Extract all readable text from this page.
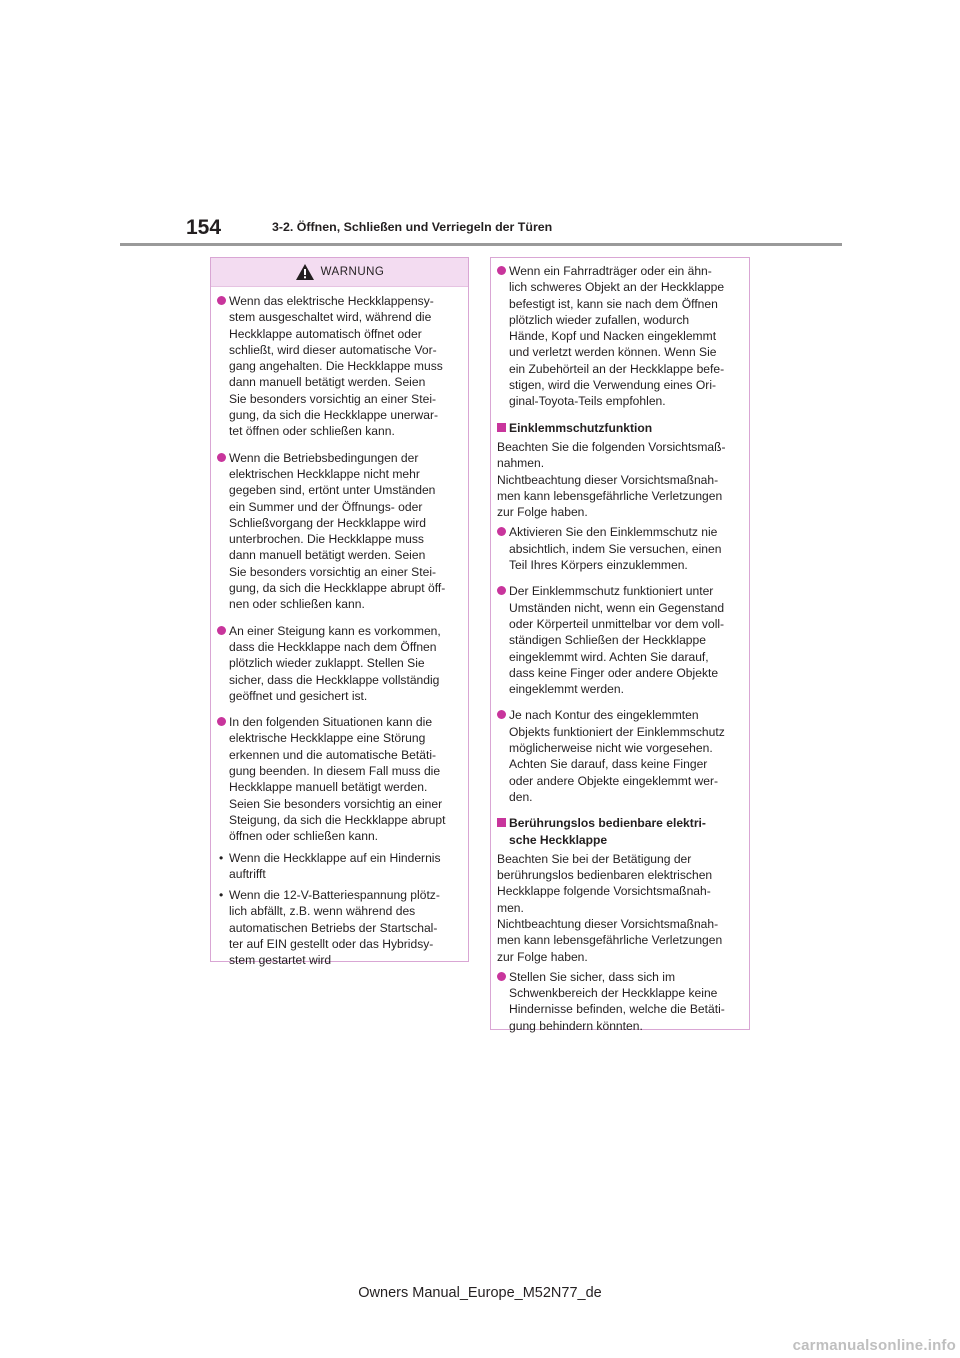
154	3-2. Öffnen, Schließen und Verriegeln der Türen
WARNUNG
Wenn das elektrische Heckklappensy-
stem ausgeschaltet wird, während die
Heckklappe automatisch öffnet oder
schließt, wird dieser automatische Vor-
gang angehalten. Die Heckklappe muss
dann manuell betätigt werden. Seien
Sie besonders vorsichtig an einer Stei-
gung, da sich die Heckklappe unerwar-
tet öffnen oder schließen kann.
Wenn die Betriebsbedingungen der
elektrischen Heckklappe nicht mehr
gegeben sind, ertönt unter Umständen
ein Summer und der Öffnungs- oder
Schließvorgang der Heckklappe wird
unterbrochen. Die Heckklappe muss
dann manuell betätigt werden. Seien
Sie besonders vorsichtig an einer Stei-
gung, da sich die Heckklappe abrupt öff-
nen oder schließen kann.
An einer Steigung kann es vorkommen,
dass die Heckklappe nach dem Öffnen
plötzlich wieder zuklappt. Stellen Sie
sicher, dass die Heckklappe vollständig
geöffnet und gesichert ist.
In den folgenden Situationen kann die
elektrische Heckklappe eine Störung
erkennen und die automatische Betäti-
gung beenden. In diesem Fall muss die
Heckklappe manuell betätigt werden.
Seien Sie besonders vorsichtig an einer
Steigung, da sich die Heckklappe abrupt
öffnen oder schließen kann.
• Wenn die Heckklappe auf ein Hindernis
auftrifft
• Wenn die 12-V-Batteriespannung plötz-
lich abfällt, z.B. wenn während des
automatischen Betriebs der Startschal-
ter auf EIN gestellt oder das Hybridsy-
stem gestartet wird
Wenn ein Fahrradträger oder ein ähn-
lich schweres Objekt an der Heckklappe
befestigt ist, kann sie nach dem Öffnen
plötzlich wieder zufallen, wodurch
Hände, Kopf und Nacken eingeklemmt
und verletzt werden können. Wenn Sie
ein Zubehörteil an der Heckklappe befe-
stigen, wird die Verwendung eines Ori-
ginal-Toyota-Teils empfohlen.
Einklemmschutzfunktion
Beachten Sie die folgenden Vorsichtsmaß-
nahmen.
Nichtbeachtung dieser Vorsichtsmaßnah-
men kann lebensgefährliche Verletzungen
zur Folge haben.
Aktivieren Sie den Einklemmschutz nie
absichtlich, indem Sie versuchen, einen
Teil Ihres Körpers einzuklemmen.
Der Einklemmschutz funktioniert unter
Umständen nicht, wenn ein Gegenstand
oder Körperteil unmittelbar vor dem voll-
ständigen Schließen der Heckklappe
eingeklemmt wird. Achten Sie darauf,
dass keine Finger oder andere Objekte
eingeklemmt werden.
Je nach Kontur des eingeklemmten
Objekts funktioniert der Einklemmschutz
möglicherweise nicht wie vorgesehen.
Achten Sie darauf, dass keine Finger
oder andere Objekte eingeklemmt wer-
den.
Berührungslos bedienbare elektri-
sche Heckklappe
Beachten Sie bei der Betätigung der
berührungslos bedienbaren elektrischen
Heckklappe folgende Vorsichtsmaßnah-
men.
Nichtbeachtung dieser Vorsichtsmaßnah-
men kann lebensgefährliche Verletzungen
zur Folge haben.
Stellen Sie sicher, dass sich im
Schwenkbereich der Heckklappe keine
Hindernisse befinden, welche die Betäti-
gung behindern könnten.
Owners Manual_Europe_M52N77_de
carmanualsonline.info
